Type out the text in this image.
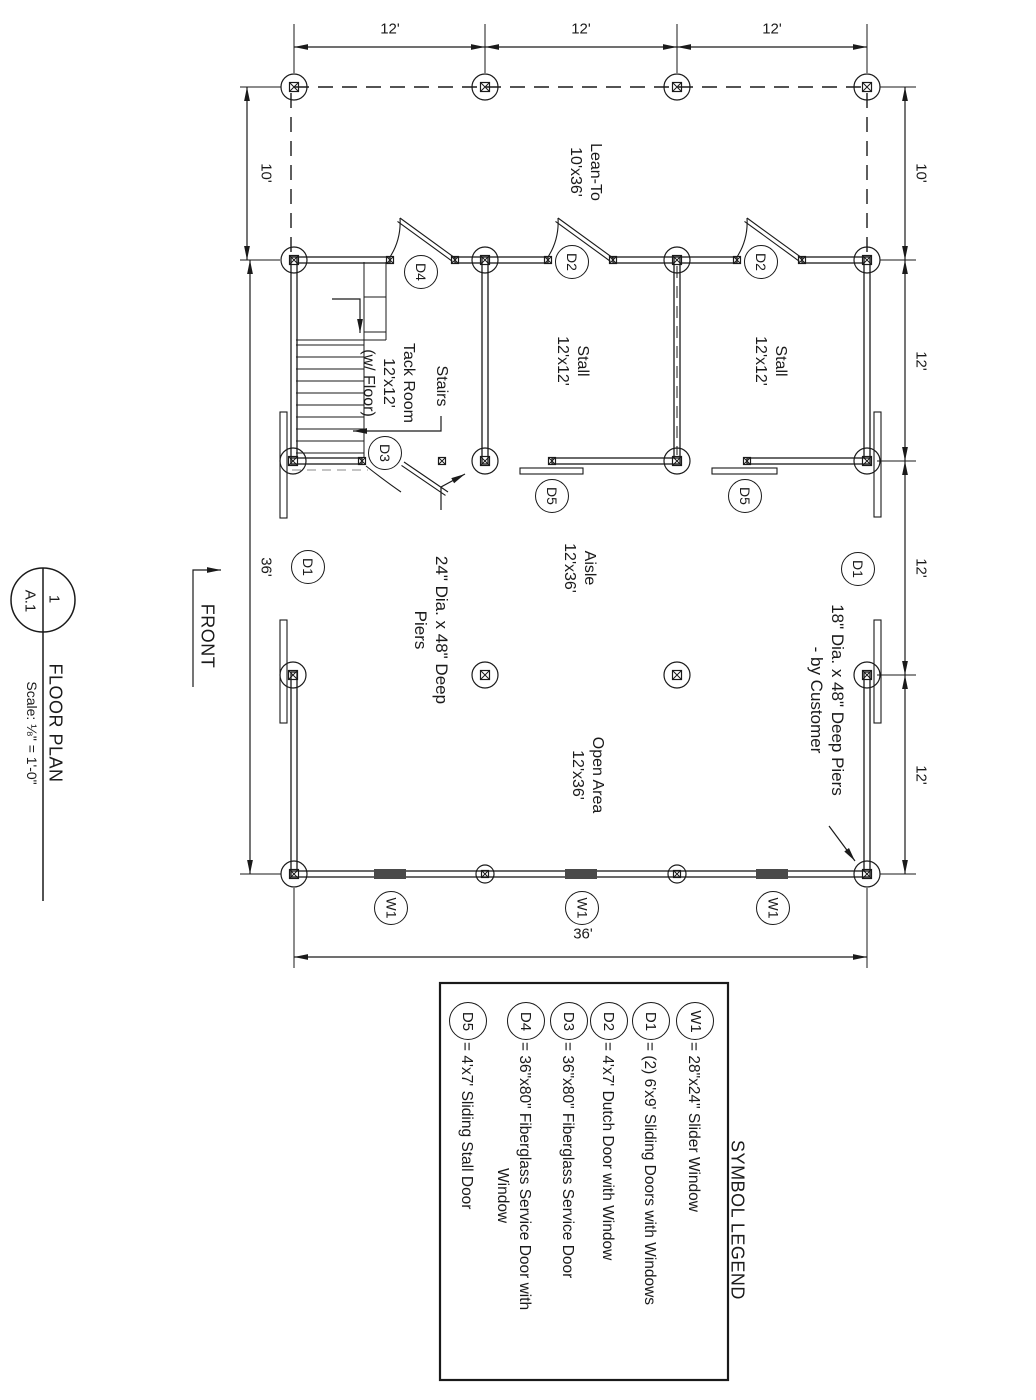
12'	12'	12'
10'
36'
10'
12'
12'
12'
36'
Lean-To
10'x36'
Stall
12'x12'	Stall
12'x12'
Tack Room
12'x12'
(w/ Floor)	Stairs
Aisle
12'x36'
Open Area
12'x36'
24" Dia. x 48" Deep
Piers	18" Dia. x 48" Deep Piers
- by Customer
FRONT
D4
D2	D2
D3
D5	D5
D1	D1
W1	W1	W1
1
A.1
FLOOR PLAN
Scale: ⅛" = 1'-0"
SYMBOL LEGEND
W1
= 28"x24" Slider Window
D1
= (2) 6'x9' Sliding Doors with Windows
D2
= 4'x7' Dutch Door with Window
D3
= 36"x80" Fiberglass Service Door
D4
= 36"x80" Fiberglass Service Door with
Window
D5
= 4'x7' Sliding Stall Door
